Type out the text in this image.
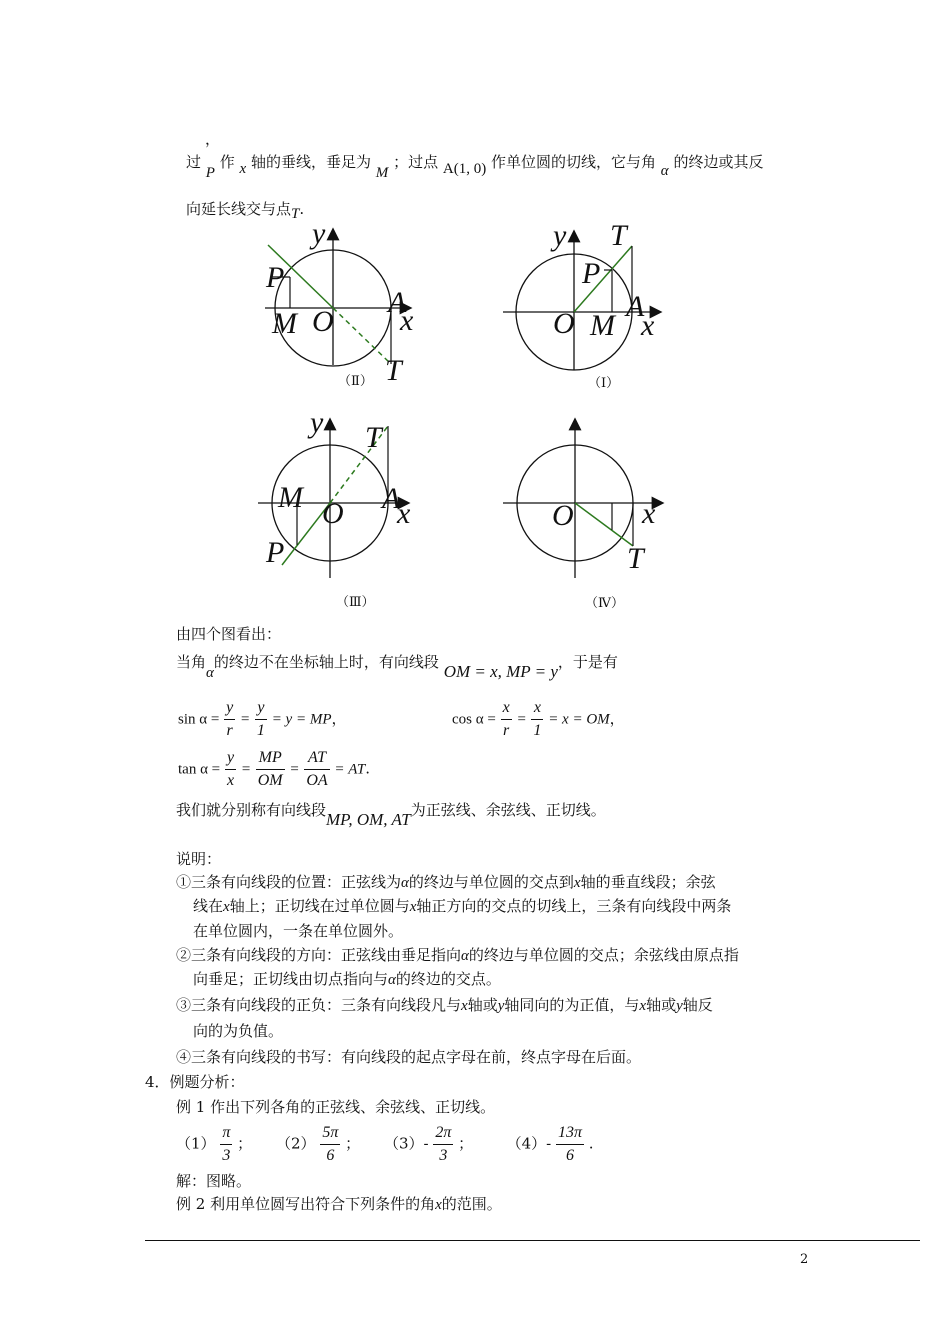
，
过 P 作 x 轴的垂线，垂足为 M ；过点 A(1, 0) 作单位圆的切线，它与角 α 的终边或其反
向延长线交与点T.
y
P
M O
A
x
T
（Ⅱ）
y T
P
A
O M x
（Ⅰ）
y T
M	A
O x
P
（Ⅲ）
O x
T
（Ⅳ）
由四个图看出：
当角α的终边不在坐标轴上时，有向线段 OM = x, MP = y，于是有
$\sin \alpha = \frac{y}{r} = \frac{y}{1} = y$ = MP，	$\cos \alpha = \frac{x}{r} = \frac{x}{1} = x$ = OM，
$\tan \alpha = \frac{y}{x} = \frac{MP}{OM} = \frac{AT}{OA}$ = AT.
我们就分别称有向线段MP, OM, AT为正弦线、余弦线、正切线。
说明：
①三条有向线段的位置：正弦线为α的终边与单位圆的交点到x轴的垂直线段；余弦
线在x轴上；正切线在过单位圆与x轴正方向的交点的切线上，三条有向线段中两条
在单位圆内，一条在单位圆外。
②三条有向线段的方向：正弦线由垂足指向α的终边与单位圆的交点；余弦线由原点指
向垂足；正切线由切点指向与α的终边的交点。
③三条有向线段的正负：三条有向线段凡与x轴或y轴同向的为正值，与x轴或y轴反
向的为负值。
④三条有向线段的书写：有向线段的起点字母在前，终点字母在后面。
4．例题分析：
例 1 作出下列各角的正弦线、余弦线、正切线。
$(1) \frac{\pi}{3}$ ； $(2) \frac{5\pi}{6}$ ； $(3)- \frac{2\pi}{3}$ ； $(4)- \frac{13\pi}{6}$ .
解：图略。
例 2 利用单位圆写出符合下列条件的角x的范围。
2
